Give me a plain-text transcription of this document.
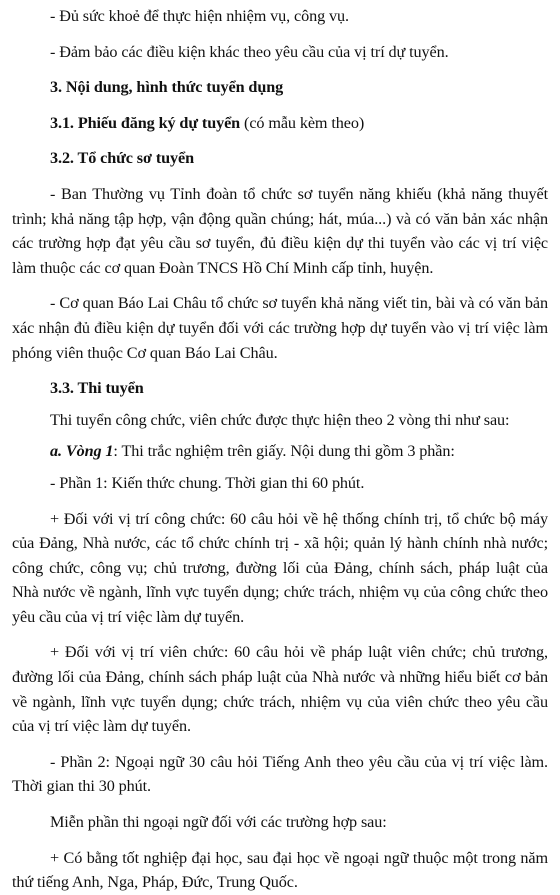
- Đủ sức khoẻ để thực hiện nhiệm vụ, công vụ.

- Đảm bảo các điều kiện khác theo yêu cầu của vị trí dự tuyển.

3. Nội dung, hình thức tuyển dụng

3.1. Phiếu đăng ký dự tuyển (có mẫu kèm theo)

3.2. Tổ chức sơ tuyển

- Ban Thường vụ Tỉnh đoàn tổ chức sơ tuyển năng khiếu (khả năng thuyết trình; khả năng tập hợp, vận động quần chúng; hát, múa...) và có văn bản xác nhận các trường hợp đạt yêu cầu sơ tuyển, đủ điều kiện dự thi tuyển vào các vị trí việc làm thuộc các cơ quan Đoàn TNCS Hồ Chí Minh cấp tỉnh, huyện.

- Cơ quan Báo Lai Châu tổ chức sơ tuyển khả năng viết tin, bài và có văn bản xác nhận đủ điều kiện dự tuyển đối với các trường hợp dự tuyển vào vị trí việc làm phóng viên thuộc Cơ quan Báo Lai Châu.

3.3. Thi tuyển

Thi tuyển công chức, viên chức được thực hiện theo 2 vòng thi như sau:

a. Vòng 1: Thi trắc nghiệm trên giấy. Nội dung thi gồm 3 phần:

- Phần 1: Kiến thức chung. Thời gian thi 60 phút.

+ Đối với vị trí công chức: 60 câu hỏi về hệ thống chính trị, tổ chức bộ máy của Đảng, Nhà nước, các tổ chức chính trị - xã hội; quản lý hành chính nhà nước; công chức, công vụ; chủ trương, đường lối của Đảng, chính sách, pháp luật của Nhà nước về ngành, lĩnh vực tuyển dụng; chức trách, nhiệm vụ của công chức theo yêu cầu của vị trí việc làm dự tuyển.

+ Đối với vị trí viên chức: 60 câu hỏi về pháp luật viên chức; chủ trương, đường lối của Đảng, chính sách pháp luật của Nhà nước và những hiểu biết cơ bản về ngành, lĩnh vực tuyển dụng; chức trách, nhiệm vụ của viên chức theo yêu cầu của vị trí việc làm dự tuyển.

- Phần 2: Ngoại ngữ 30 câu hỏi Tiếng Anh theo yêu cầu của vị trí việc làm. Thời gian thi 30 phút.

Miễn phần thi ngoại ngữ đối với các trường hợp sau:

+ Có bằng tốt nghiệp đại học, sau đại học về ngoại ngữ thuộc một trong năm thứ tiếng Anh, Nga, Pháp, Đức, Trung Quốc.
